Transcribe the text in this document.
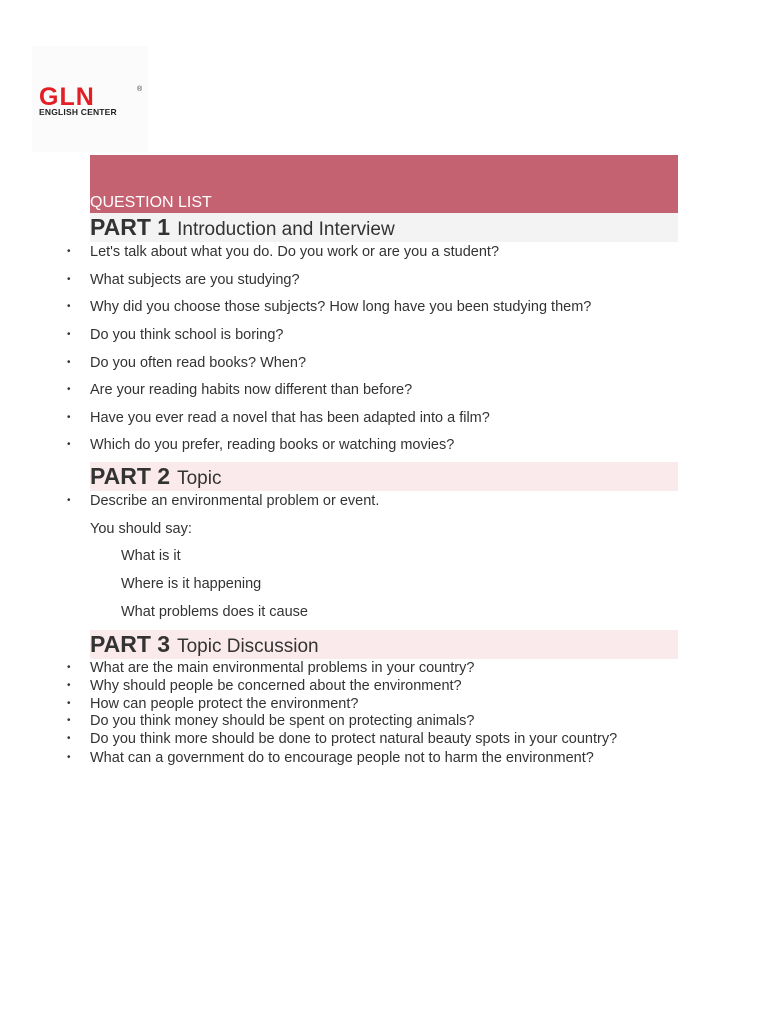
GLN	®
ENGLISH CENTER
QUESTION LIST
PART 1 Introduction and Interview
• Let's talk about what you do. Do you work or are you a student?
• What subjects are you studying?
• Why did you choose those subjects? How long have you been studying them?
• Do you think school is boring?
• Do you often read books? When?
• Are your reading habits now different than before?
• Have you ever read a novel that has been adapted into a film?
• Which do you prefer, reading books or watching movies?
PART 2 Topic
• Describe an environmental problem or event.
You should say:
What is it
Where is it happening
What problems does it cause
PART 3 Topic Discussion
• What are the main environmental problems in your country?
• Why should people be concerned about the environment?
• How can people protect the environment?
• Do you think money should be spent on protecting animals?
• Do you think more should be done to protect natural beauty spots in your country?
• What can a government do to encourage people not to harm the environment?
